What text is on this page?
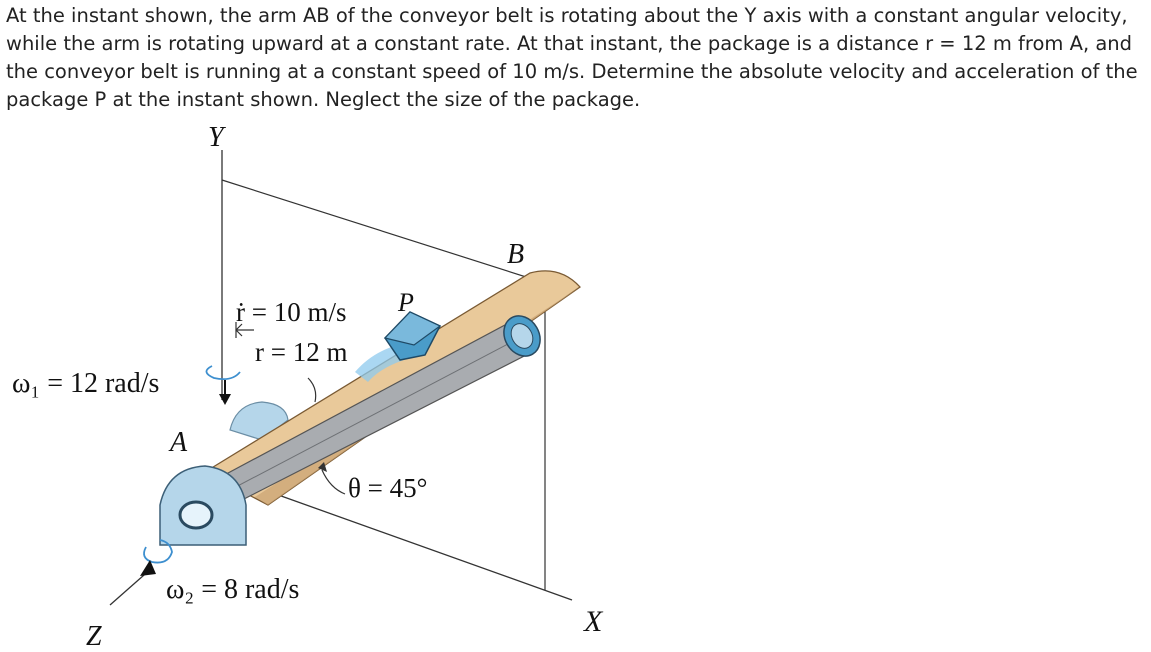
At the instant shown, the arm AB of the conveyor belt is rotating about the Y axis with a constant angular velocity, while the arm is rotating upward at a constant rate. At that instant, the package is a distance r = 12 m from A, and the conveyor belt is running at a constant speed of 10 m/s. Determine the absolute velocity and acceleration of the package P at the instant shown. Neglect the size of the package.

Y
B
P
ṙ = 10 m/s
r = 12 m
ω₁ = 12 rad/s
A
θ = 45°
ω₂ = 8 rad/s
X
Z
